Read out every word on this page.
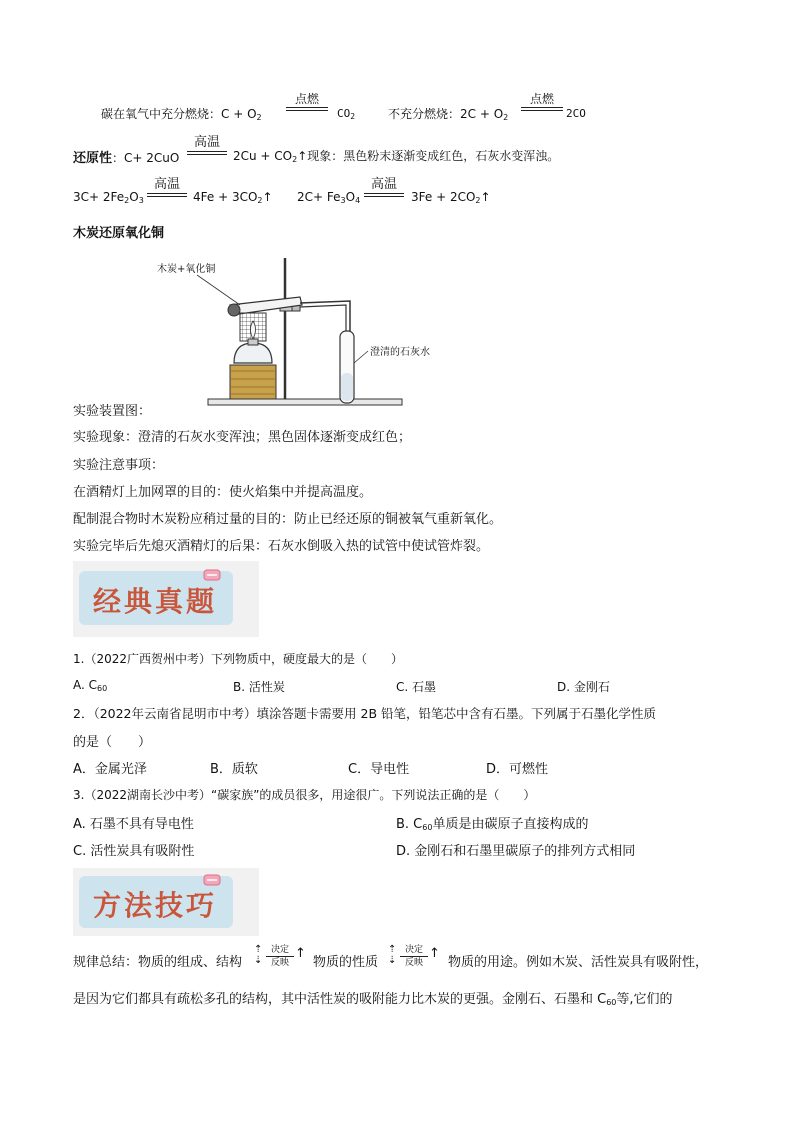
碳在氧气中充分燃烧：$C + O_2$
点燃
$CO_2$	不充分燃烧：$2C + O_2$
点燃
2CO
还原性：C+ 2CuO
高温
$2Cu + CO_2↑$现象：黑色粉末逐渐变成红色，石灰水变浑浊。
$3C+ 2Fe_2O_3$
高温
$4Fe + 3CO_2↑$ $2C+ Fe_3O_4$
高温
$3Fe + 2CO_2↑$
木炭还原氧化铜
木炭+氧化铜
澄清的石灰水
实验装置图：
实验现象：澄清的石灰水变浑浊；黑色固体逐渐变成红色；
实验注意事项：
在酒精灯上加网罩的目的：使火焰集中并提高温度。
配制混合物时木炭粉应稍过量的目的：防止已经还原的铜被氧气重新氧化。
实验完毕后先熄灭酒精灯的后果：石灰水倒吸入热的试管中使试管炸裂。
经典真题
1.（2022广西贺州中考）下列物质中，硬度最大的是（　　）
A. $C_{60}$	B. 活性炭	C. 石墨	D. 金刚石
2．（2022年云南省昆明市中考）填涂答题卡需要用 2B 铅笔，铅笔芯中含有石墨。下列属于石墨化学性质
的是（　　）
A．金属光泽	B．质软	C．导电性	D．可燃性
3.（2022湖南长沙中考）“碳家族”的成员很多，用途很广。下列说法正确的是（　　）
A. 石墨不具有导电性	B. $C_{60}$单质是由碳原子直接构成的
C. 活性炭具有吸附性	D. 金刚石和石墨里碳原子的排列方式相同
方法技巧
规律总结：物质的组成、结构
⇡
⇣
决定
反映
↑
物质的性质
⇡
⇣
决定
反映
↑
物质的用途。例如木炭、活性炭具有吸附性，
是因为它们都具有疏松多孔的结构，其中活性炭的吸附能力比木炭的更强。金刚石、石墨和 $C_{60}$等,它们的
